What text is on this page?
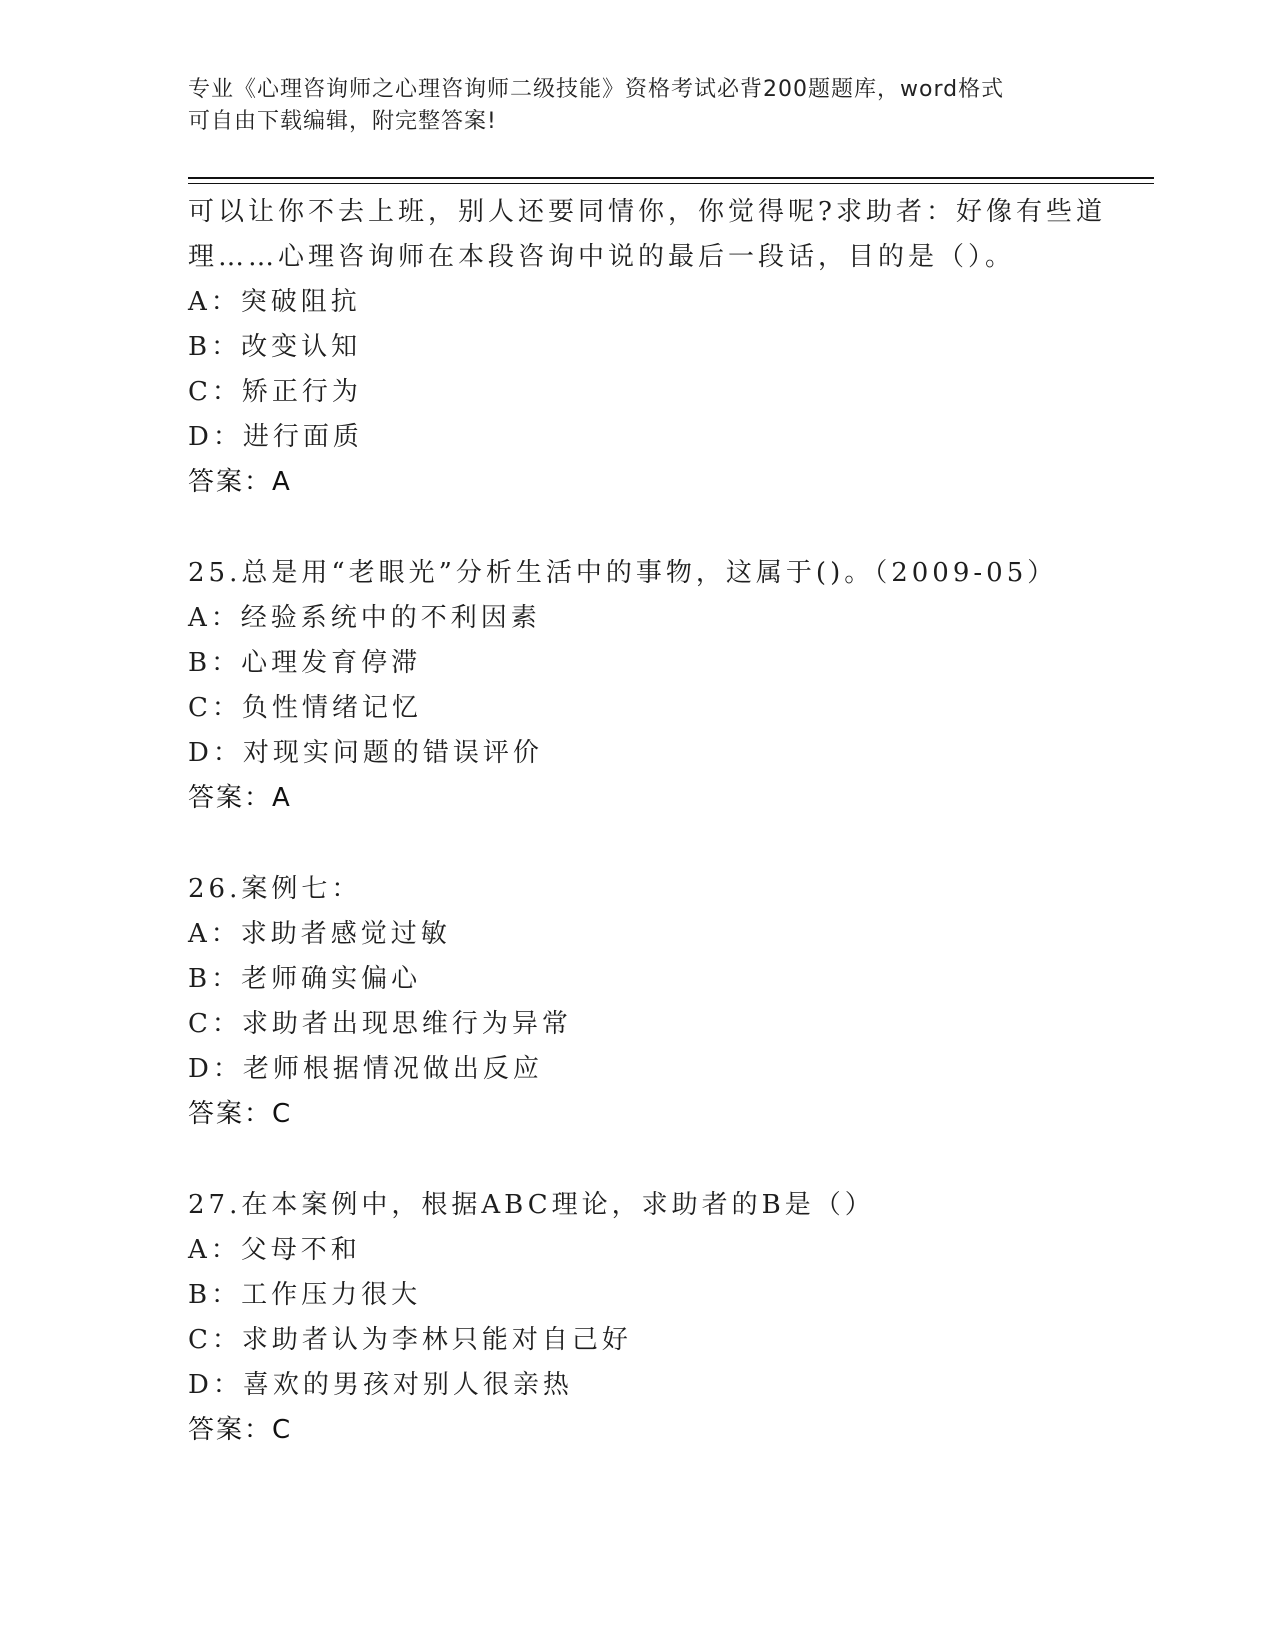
专业《心理咨询师之心理咨询师二级技能》资格考试必背200题题库，word格式
可自由下载编辑，附完整答案!
可以让你不去上班，别人还要同情你，你觉得呢?求助者：好像有些道
理……心理咨询师在本段咨询中说的最后一段话，目的是（）。
A：突破阻抗
B：改变认知
C：矫正行为
D：进行面质
答案：A
25.总是用“老眼光”分析生活中的事物，这属于()。（2009-05）
A：经验系统中的不利因素
B：心理发育停滞
C：负性情绪记忆
D：对现实问题的错误评价
答案：A
26.案例七：
A：求助者感觉过敏
B：老师确实偏心
C：求助者出现思维行为异常
D：老师根据情况做出反应
答案：C
27.在本案例中，根据ABC理论，求助者的B是（）
A：父母不和
B：工作压力很大
C：求助者认为李林只能对自己好
D：喜欢的男孩对别人很亲热
答案：C
